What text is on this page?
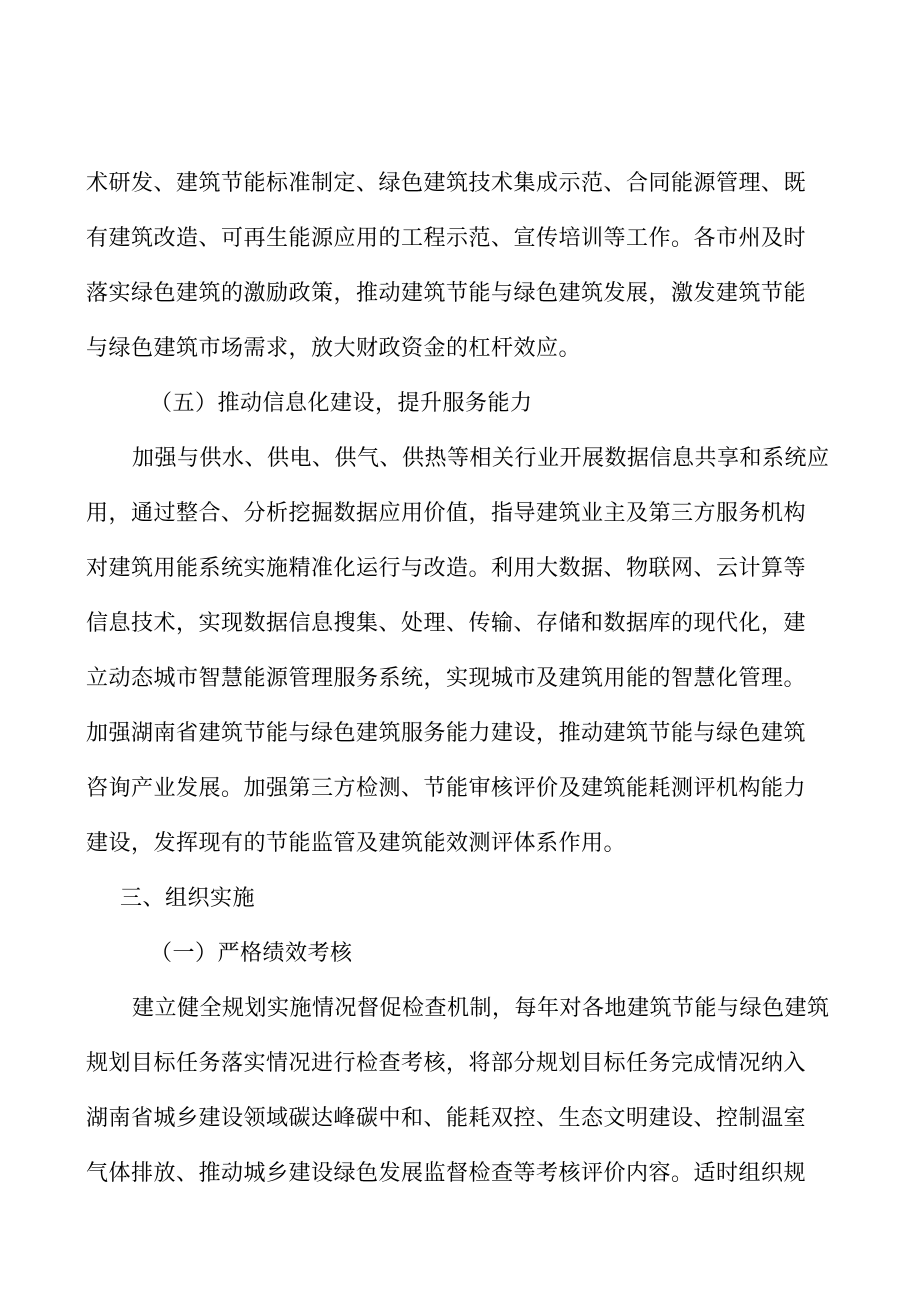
术研发、建筑节能标准制定、绿色建筑技术集成示范、合同能源管理、既
有建筑改造、可再生能源应用的工程示范、宣传培训等工作。各市州及时
落实绿色建筑的激励政策，推动建筑节能与绿色建筑发展，激发建筑节能
与绿色建筑市场需求，放大财政资金的杠杆效应。
（五）推动信息化建设，提升服务能力
加强与供水、供电、供气、供热等相关行业开展数据信息共享和系统应
用，通过整合、分析挖掘数据应用价值，指导建筑业主及第三方服务机构
对建筑用能系统实施精准化运行与改造。利用大数据、物联网、云计算等
信息技术，实现数据信息搜集、处理、传输、存储和数据库的现代化，建
立动态城市智慧能源管理服务系统，实现城市及建筑用能的智慧化管理。
加强湖南省建筑节能与绿色建筑服务能力建设，推动建筑节能与绿色建筑
咨询产业发展。加强第三方检测、节能审核评价及建筑能耗测评机构能力
建设，发挥现有的节能监管及建筑能效测评体系作用。
三、组织实施
（一）严格绩效考核
建立健全规划实施情况督促检查机制，每年对各地建筑节能与绿色建筑
规划目标任务落实情况进行检查考核，将部分规划目标任务完成情况纳入
湖南省城乡建设领域碳达峰碳中和、能耗双控、生态文明建设、控制温室
气体排放、推动城乡建设绿色发展监督检查等考核评价内容。适时组织规
